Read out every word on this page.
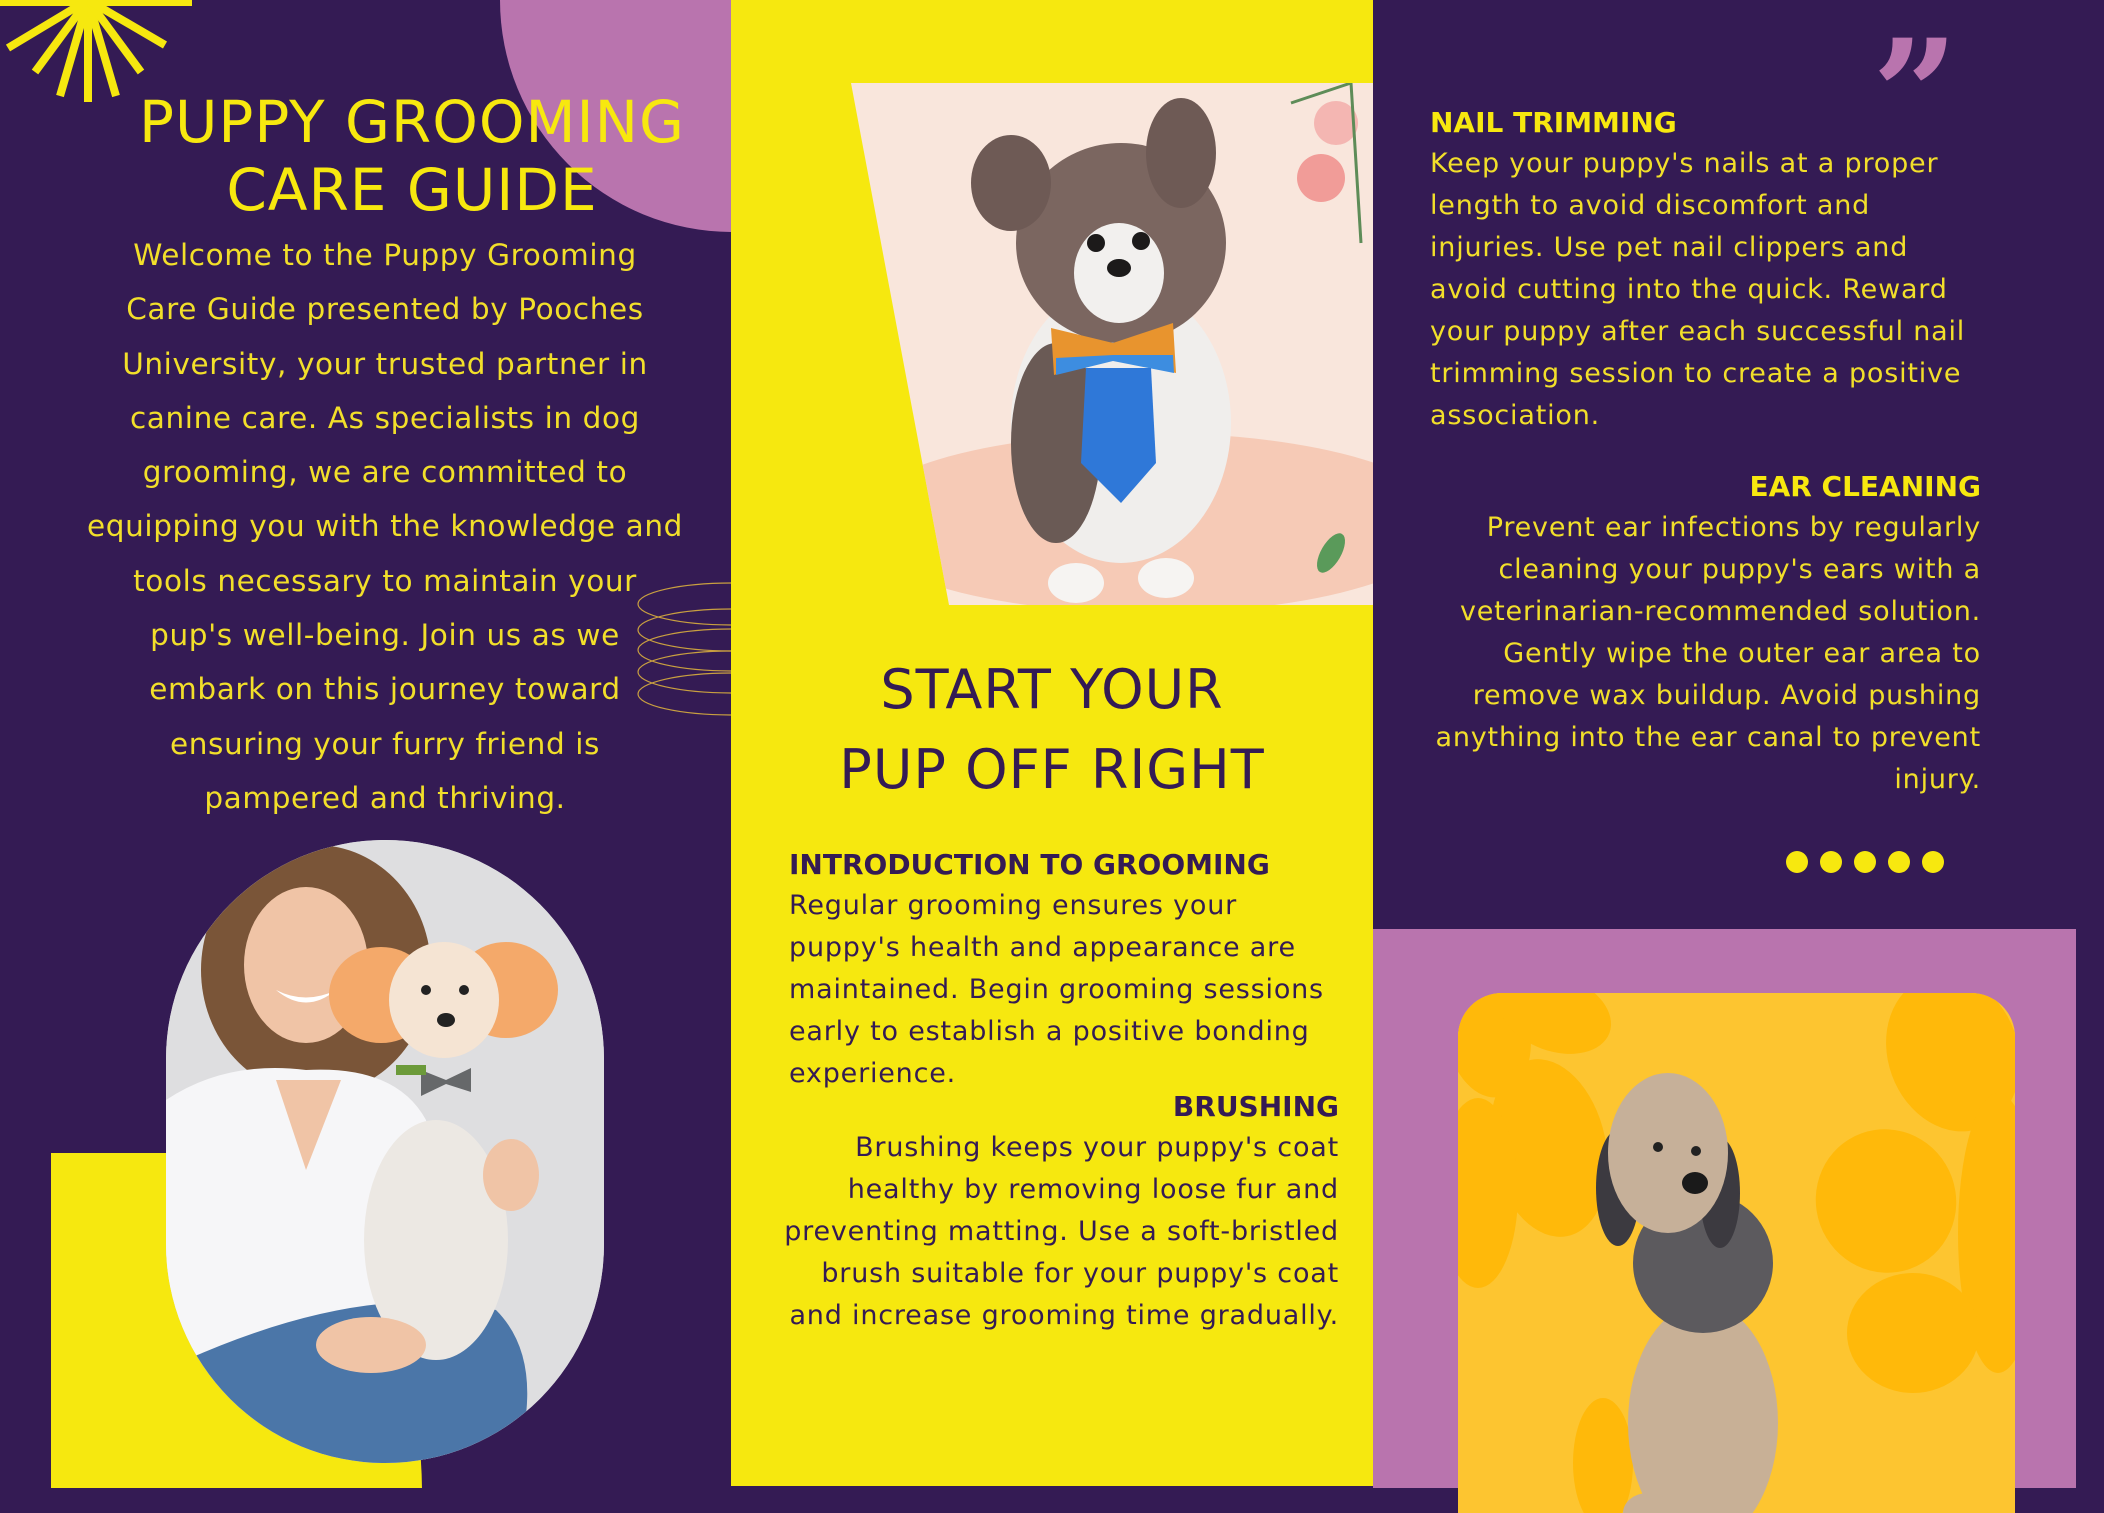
PUPPY GROOMING
CARE GUIDE
Welcome to the Puppy Grooming
Care Guide presented by Pooches
University, your trusted partner in
canine care. As specialists in dog
grooming, we are committed to
equipping you with the knowledge and
tools necessary to maintain your
pup's well-being. Join us as we
embark on this journey toward
ensuring your furry friend is
pampered and thriving.
START YOUR
PUP OFF RIGHT
INTRODUCTION TO GROOMING
Regular grooming ensures your
puppy's health and appearance are
maintained. Begin grooming sessions
early to establish a positive bonding
experience.
BRUSHING
Brushing keeps your puppy's coat
healthy by removing loose fur and
preventing matting. Use a soft-bristled
brush suitable for your puppy's coat
and increase grooming time gradually.
”
NAIL TRIMMING
Keep your puppy's nails at a proper
length to avoid discomfort and
injuries. Use pet nail clippers and
avoid cutting into the quick. Reward
your puppy after each successful nail
trimming session to create a positive
association.
EAR CLEANING
Prevent ear infections by regularly
cleaning your puppy's ears with a
veterinarian-recommended solution.
Gently wipe the outer ear area to
remove wax buildup. Avoid pushing
anything into the ear canal to prevent
injury.
